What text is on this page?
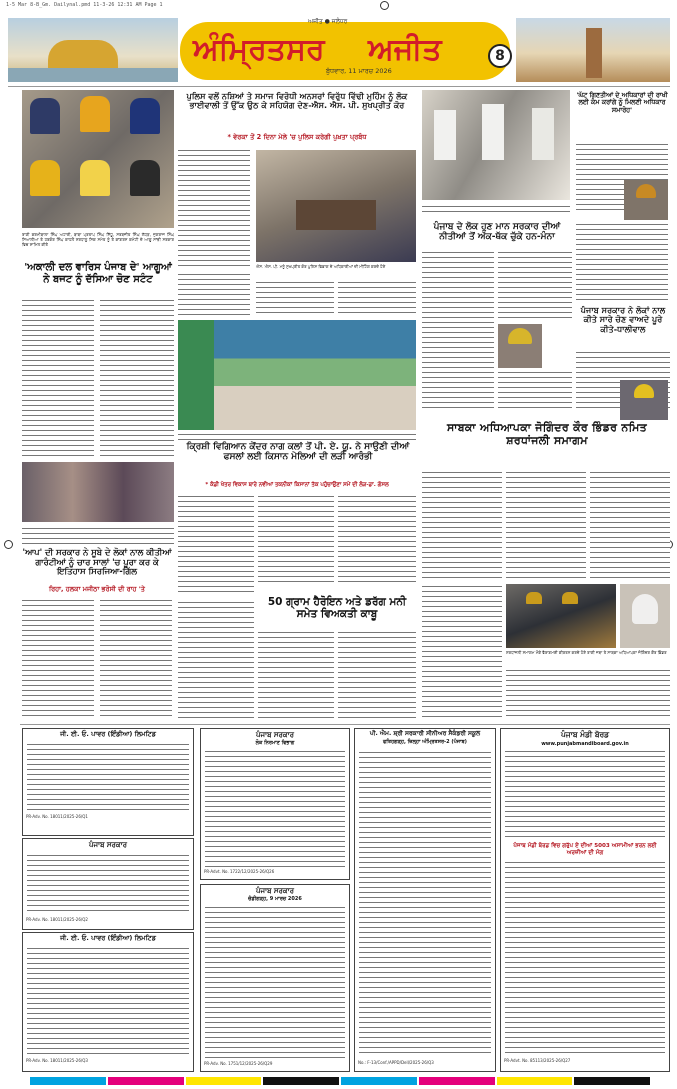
1-5 Mar 8-B_Gm. Dailynal.pmd 11-3-26 12:31 AM Page 1
ਅਜੀਤ ● ਜਲੰਧਰ
ਅੰਮ੍ਰਿਤਸਰ ਅਜੀਤ
ਬੁੱਧਵਾਰ, 11 ਮਾਰਚ 2026
8
ਰਾਣੀ ਕਰਮੀਬਾਲਾ ਸਿੰਘ ਅਟਾਰੀ, ਬਾਬਾ ਪ੍ਰਤਾਪ ਸਿੰਘ ਸਿੱਧੂ, ਸਰਬਜੀਤ ਸਿੰਘ ਲੱਧੜ, ਜੁਗਰਾਜ ਸਿੰਘ ਸਿਆਲੀਆ ਤੇ ਹਰਕੋਰ ਸਿੰਘ ਕਾਹਲੋਂ ਸ਼ਰਧਾਲੂ ਸਿਕ ਸਮੇਤ ਨੂੰ ਤੇ ਕਾਂਗਰਸ ਕਮੇਟੀ ਦੇ ਆਗੂ ਸਾਂਝੀ ਸਰਕਾਰ ਵਿਚ ਸ਼ਾਮਿਲ ਕੀਤੇ
'ਅਕਾਲੀ ਦਲ ਵਾਰਿਸ ਪੰਜਾਬ ਦੇ' ਆਗੂਆਂ ਨੇ ਬਜਟ ਨੂੰ ਦੱਸਿਆ ਚੋਣ ਸਟੰਟ
'ਆਪ' ਦੀ ਸਰਕਾਰ ਨੇ ਸੂਬੇ ਦੇ ਲੋਕਾਂ ਨਾਲ ਕੀਤੀਆਂ ਗਾਰੰਟੀਆਂ ਨੂੰ ਚਾਰ ਸਾਲਾਂ 'ਚ ਪੂਰਾ ਕਰ ਕੇ ਇਤਿਹਾਸ ਸਿਰਜਿਆ-ਗਿੱਲ
ਰਿਹਾ, ਹਲਕਾ ਮਜੀਠਾ ਭਰੋਸੀ ਦੀ ਰਾਹ 'ਤੇ
ਪੁਲਿਸ ਵਲੋਂ ਨਸ਼ਿਆਂ ਤੇ ਸਮਾਜ ਵਿਰੋਧੀ ਅਨਸਰਾਂ ਵਿਰੁੱਧ ਵਿੱਢੀ ਮੁਹਿੰਮ ਨੂੰ ਲੋਕ ਭਾਈਵਾਲੀ ਤੋਂ ਉੱਕ ਉਠ ਕੇ ਸਹਿਯੋਗ ਦੇਣ-ਐਸ. ਐਸ. ਪੀ. ਸੁਖਪ੍ਰੀਤ ਕੋਰ
* ਵੇਰਕਾ ਤੋਂ 2 ਦਿਨਾ ਮੇਲੇ 'ਚ ਪੁਲਿਸ ਕਰੇਗੀ ਪੁਖ਼ਤਾ ਪ੍ਰਬੰਧ
ਐਸ. ਐਸ. ਪੀ. ਮਨੂੰ ਸੁਖਪ੍ਰੀਤ ਕੋਰ ਪੁਲਿਸ ਵਿਭਾਗ ਦੇ ਅਧਿਕਾਰੀਆਂ ਦੀ ਮੀਟਿੰਗ ਕਰਦੇ ਹੋਏ
ਕ੍ਰਿਸ਼ੀ ਵਿਗਿਆਨ ਕੇਂਦਰ ਨਾਗ ਕਲਾਂ ਤੋਂ ਪੀ. ਏ. ਯੂ. ਨੇ ਸਾਉਣੀ ਦੀਆਂ ਫਸਲਾਂ ਲਈ ਕਿਸਾਨ ਮੇਲਿਆਂ ਦੀ ਲੜੀ ਆਰੰਭੀ
* ਕੰਡੀ ਖੇਤਰ ਵਿਕਾਸ ਬਾਰੇ ਨਵੀਆਂ ਤਕਨੀਕਾਂ ਕਿਸਾਨਾਂ ਤੱਕ ਪਹੁੰਚਾਉਣਾ ਸਮੇਂ ਦੀ ਲੋੜ-ਡਾ. ਗੋਸਲ
50 ਗ੍ਰਾਮ ਹੈਰੋਇਨ ਅਤੇ ਡਰੱਗ ਮਨੀ ਸਮੇਤ ਵਿਅਕਤੀ ਕਾਬੂ
ਪੰਜਾਬ ਦੇ ਲੋਕ ਹੁਣ ਮਾਨ ਸਰਕਾਰ ਦੀਆਂ ਨੀਤੀਆਂ ਤੋਂ ਅੱਕ-ਥੱਕ ਚੁੱਕੇ ਹਨ-ਮੰਨਾ
'ਘੱਟ ਗਿਣਤੀਆਂ ਦੇ ਅਧਿਕਾਰਾਂ ਦੀ ਰਾਖੀ ਲਈ ਕੰਮ ਕਰਾਂਗੇ ਨੂੰ ਮਿਲਣੀ ਅਧਿਕਾਰ ਸਮਾਰੋਹ'
ਪੰਜਾਬ ਸਰਕਾਰ ਨੇ ਲੋਕਾਂ ਨਾਲ ਕੀਤੇ ਸਾਰੇ ਚੋਣ ਵਾਅਦੇ ਪੂਰੇ ਕੀਤੇ-ਧਾਲੀਵਾਲ
ਸਾਬਕਾ ਅਧਿਆਪਕਾ ਜੋਗਿੰਦਰ ਕੌਰ ਭਿੰਡਰ ਨਮਿਤ ਸ਼ਰਧਾਂਜਲੀ ਸਮਾਗਮ
ਸ਼ਰਧਾਂਜਲੀ ਸਮਾਗਮ ਮੌਕੇ ਵੈਰਾਗਮਈ ਕੀਰਤਨ ਕਰਦੇ ਹੋਏ ਰਾਗੀ ਜਥਾ ਤੇ ਸਾਬਕਾ ਅਧਿਆਪਕਾ ਜੋਗਿੰਦਰ ਕੌਰ ਭਿੰਡਰ
ਜੀ. ਈ. ਓ. ਪਾਵਰ (ਇੰਡੀਆ) ਲਿਮਟਿਡ
PR-Adv. No. 18011/2025-26/Q1
ਪੰਜਾਬ ਸਰਕਾਰ
PR-Adv. No. 18011/2025-26/Q2
ਜੀ. ਈ. ਓ. ਪਾਵਰ (ਇੰਡੀਆ) ਲਿਮਟਿਡ
PR-Adv. No. 18011/2025-26/Q3
ਪੰਜਾਬ ਸਰਕਾਰ
ਲੋਕ ਨਿਰਮਾਣ ਵਿਭਾਗ
PR-Advt. No. 1722/12/2025-26/Q26
ਪੰਜਾਬ ਸਰਕਾਰ
ਚੰਡੀਗੜ੍ਹ, 9 ਮਾਰਚ 2026
PR-Adv. No. 1751/12/2025-26/Q29
ਪੀ. ਐਮ. ਸ਼੍ਰੀ ਸਰਕਾਰੀ ਸੀਨੀਅਰ ਸੈਕੰਡਰੀ ਸਕੂਲ
ਫਤਿਹਗੜ੍ਹ, ਜ਼ਿਲ੍ਹਾ ਅੰਮ੍ਰਿਤਸਰ-2 (ਪੰਜਾਬ)
No.: F-13/Conf./APPD/Dell/2025-26/Q3
ਪੰਜਾਬ ਮੰਡੀ ਬੋਰਡ
www.punjabmandiboard.gov.in
ਪੰਜਾਬ ਮੰਡੀ ਬੋਰਡ ਵਿਚ ਗਰੁੱਪ ਏ ਦੀਆਂ 5003 ਅਸਾਮੀਆਂ ਭਰਨ ਲਈ ਅਰਜ਼ੀਆਂ ਦੀ ਮੰਗ
PR-Advt. No. 85113/2025-26/Q27
